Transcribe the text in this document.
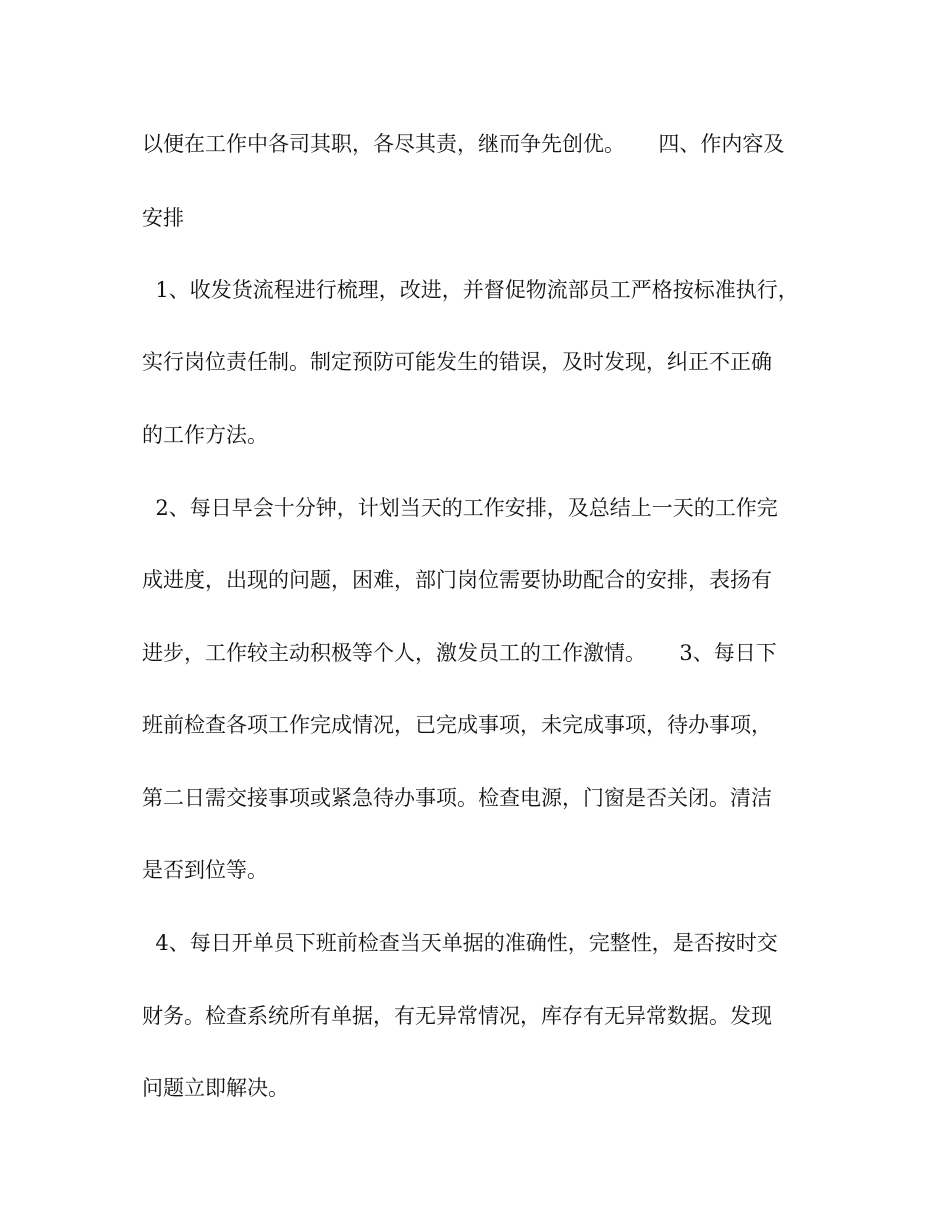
以便在工作中各司其职，各尽其责，继而争先创优。     四、作内容及
安排
1、收发货流程进行梳理，改进，并督促物流部员工严格按标准执行，
实行岗位责任制。制定预防可能发生的错误，及时发现，纠正不正确
的工作方法。
2、每日早会十分钟，计划当天的工作安排，及总结上一天的工作完
成进度，出现的问题，困难，部门岗位需要协助配合的安排，表扬有
进步，工作较主动积极等个人，激发员工的工作激情。     3、每日下
班前检查各项工作完成情况，已完成事项，未完成事项，待办事项，
第二日需交接事项或紧急待办事项。检查电源，门窗是否关闭。清洁
是否到位等。
4、每日开单员下班前检查当天单据的准确性，完整性，是否按时交
财务。检查系统所有单据，有无异常情况，库存有无异常数据。发现
问题立即解决。
